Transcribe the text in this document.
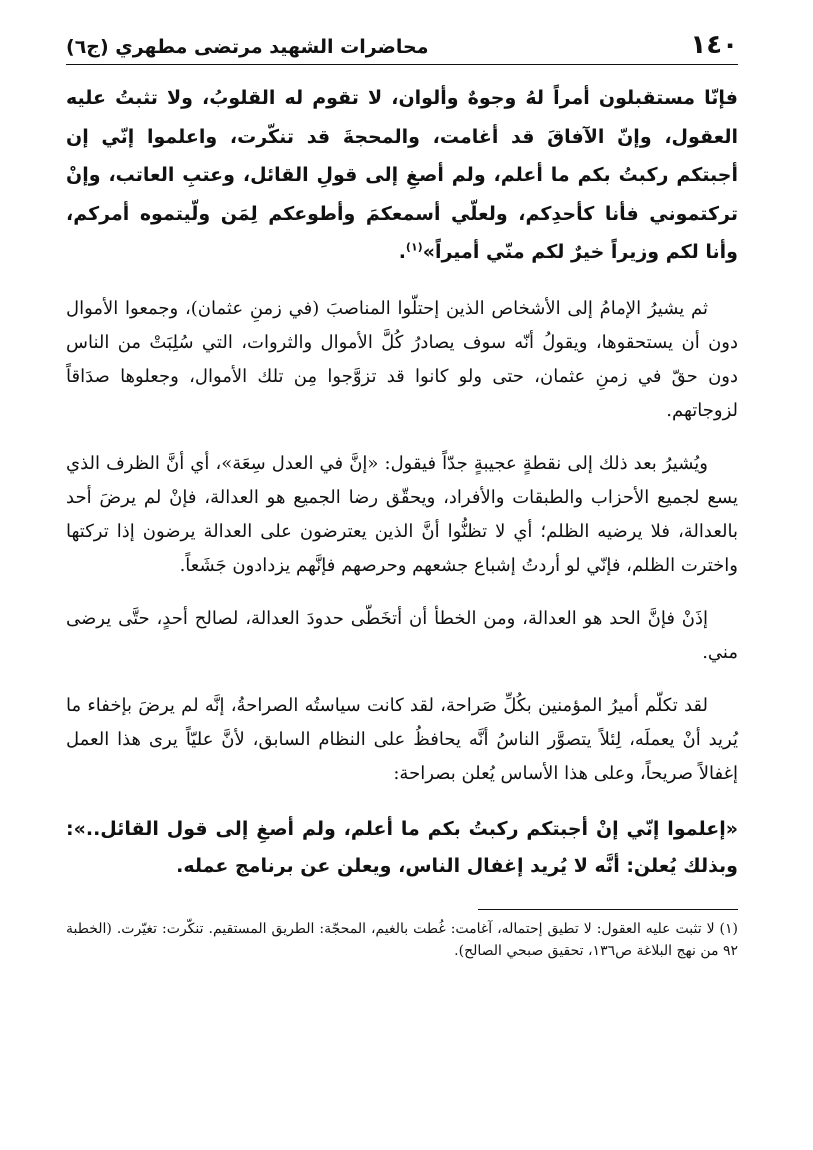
١٤٠
محاضرات الشهيد مرتضى مطهري (ج٦)

فإنّا مستقبلون أمراً لهُ وجوهٌ وألوان، لا تقوم له القلوبُ، ولا تثبتُ عليه العقول، وإنّ الآفاقَ قد أغامت، والمحجةَ قد تنكّرت، واعلموا إنّي إن أجبتكم ركبتُ بكم ما أعلم، ولم أصغِ إلى قولِ القائل، وعتبِ العاتب، وإنْ تركتموني فأنا كأحدِكم، ولعلّي أسمعكمَ وأطوعكم لِمَن ولّيتموه أمركم، وأنا لكم وزيراً خيرٌ لكم منّي أميراً»$^{(١)}$.

ثم يشيرُ الإمامُ إلى الأشخاص الذين إحتلّوا المناصبَ (في زمنِ عثمان)، وجمعوا الأموال دون أن يستحقوها، ويقولُ أنّه سوف يصادرُ كُلَّ الأموال والثروات، التي سُلِبَتْ من الناس دون حقّ في زمنِ عثمان، حتى ولو كانوا قد تزوَّجوا مِن تلك الأموال، وجعلوها صدَاقاً لزوجاتهم.

ويُشيرُ بعد ذلك إلى نقطةٍ عجيبةٍ جدّاً فيقول: «إنَّ في العدل سِعَة»، أي أنَّ الظرف الذي يسع لجميع الأحزاب والطبقات والأفراد، ويحقّق رضا الجميع هو العدالة، فإنْ لم يرضَ أحد بالعدالة، فلا يرضيه الظلم؛ أي لا تظنُّوا أنَّ الذين يعترضون على العدالة يرضون إذا تركتها واخترت الظلم، فإنّي لو أردتُ إشباع جشعهم وحرصهم فإنَّهم يزدادون جَشَعاً.

إذَنْ فإنَّ الحد هو العدالة، ومن الخطأ أن أتخَطّى حدودَ العدالة، لصالح أحدٍ، حتَّى يرضى مني.

لقد تكلّم أميرُ المؤمنين بكُلِّ صَراحة، لقد كانت سياستُه الصراحةُ، إنَّه لم يرضَ بإخفاء ما يُريد أنْ يعملَه، لِئلاً يتصوَّر الناسُ أنَّه يحافظُ على النظام السابق، لأنَّ عليّاً يرى هذا العمل إغفالاً صريحاً، وعلى هذا الأساس يُعلن بصراحة:

«إعلموا إنّي إنْ أجبتكم ركبتُ بكم ما أعلم، ولم أصغِ إلى قول القائل..»: وبذلك يُعلن: أنَّه لا يُريد إغفال الناس، ويعلن عن برنامج عمله.

(١) لا تثبت عليه العقول: لا تطيق إحتماله، آغامت: غُطت بالغيم، المحجّة: الطريق المستقيم. تنكّرت: تغيّرت. (الخطبة ٩٢ من نهج البلاغة ص١٣٦، تحقيق صبحي الصالح).
